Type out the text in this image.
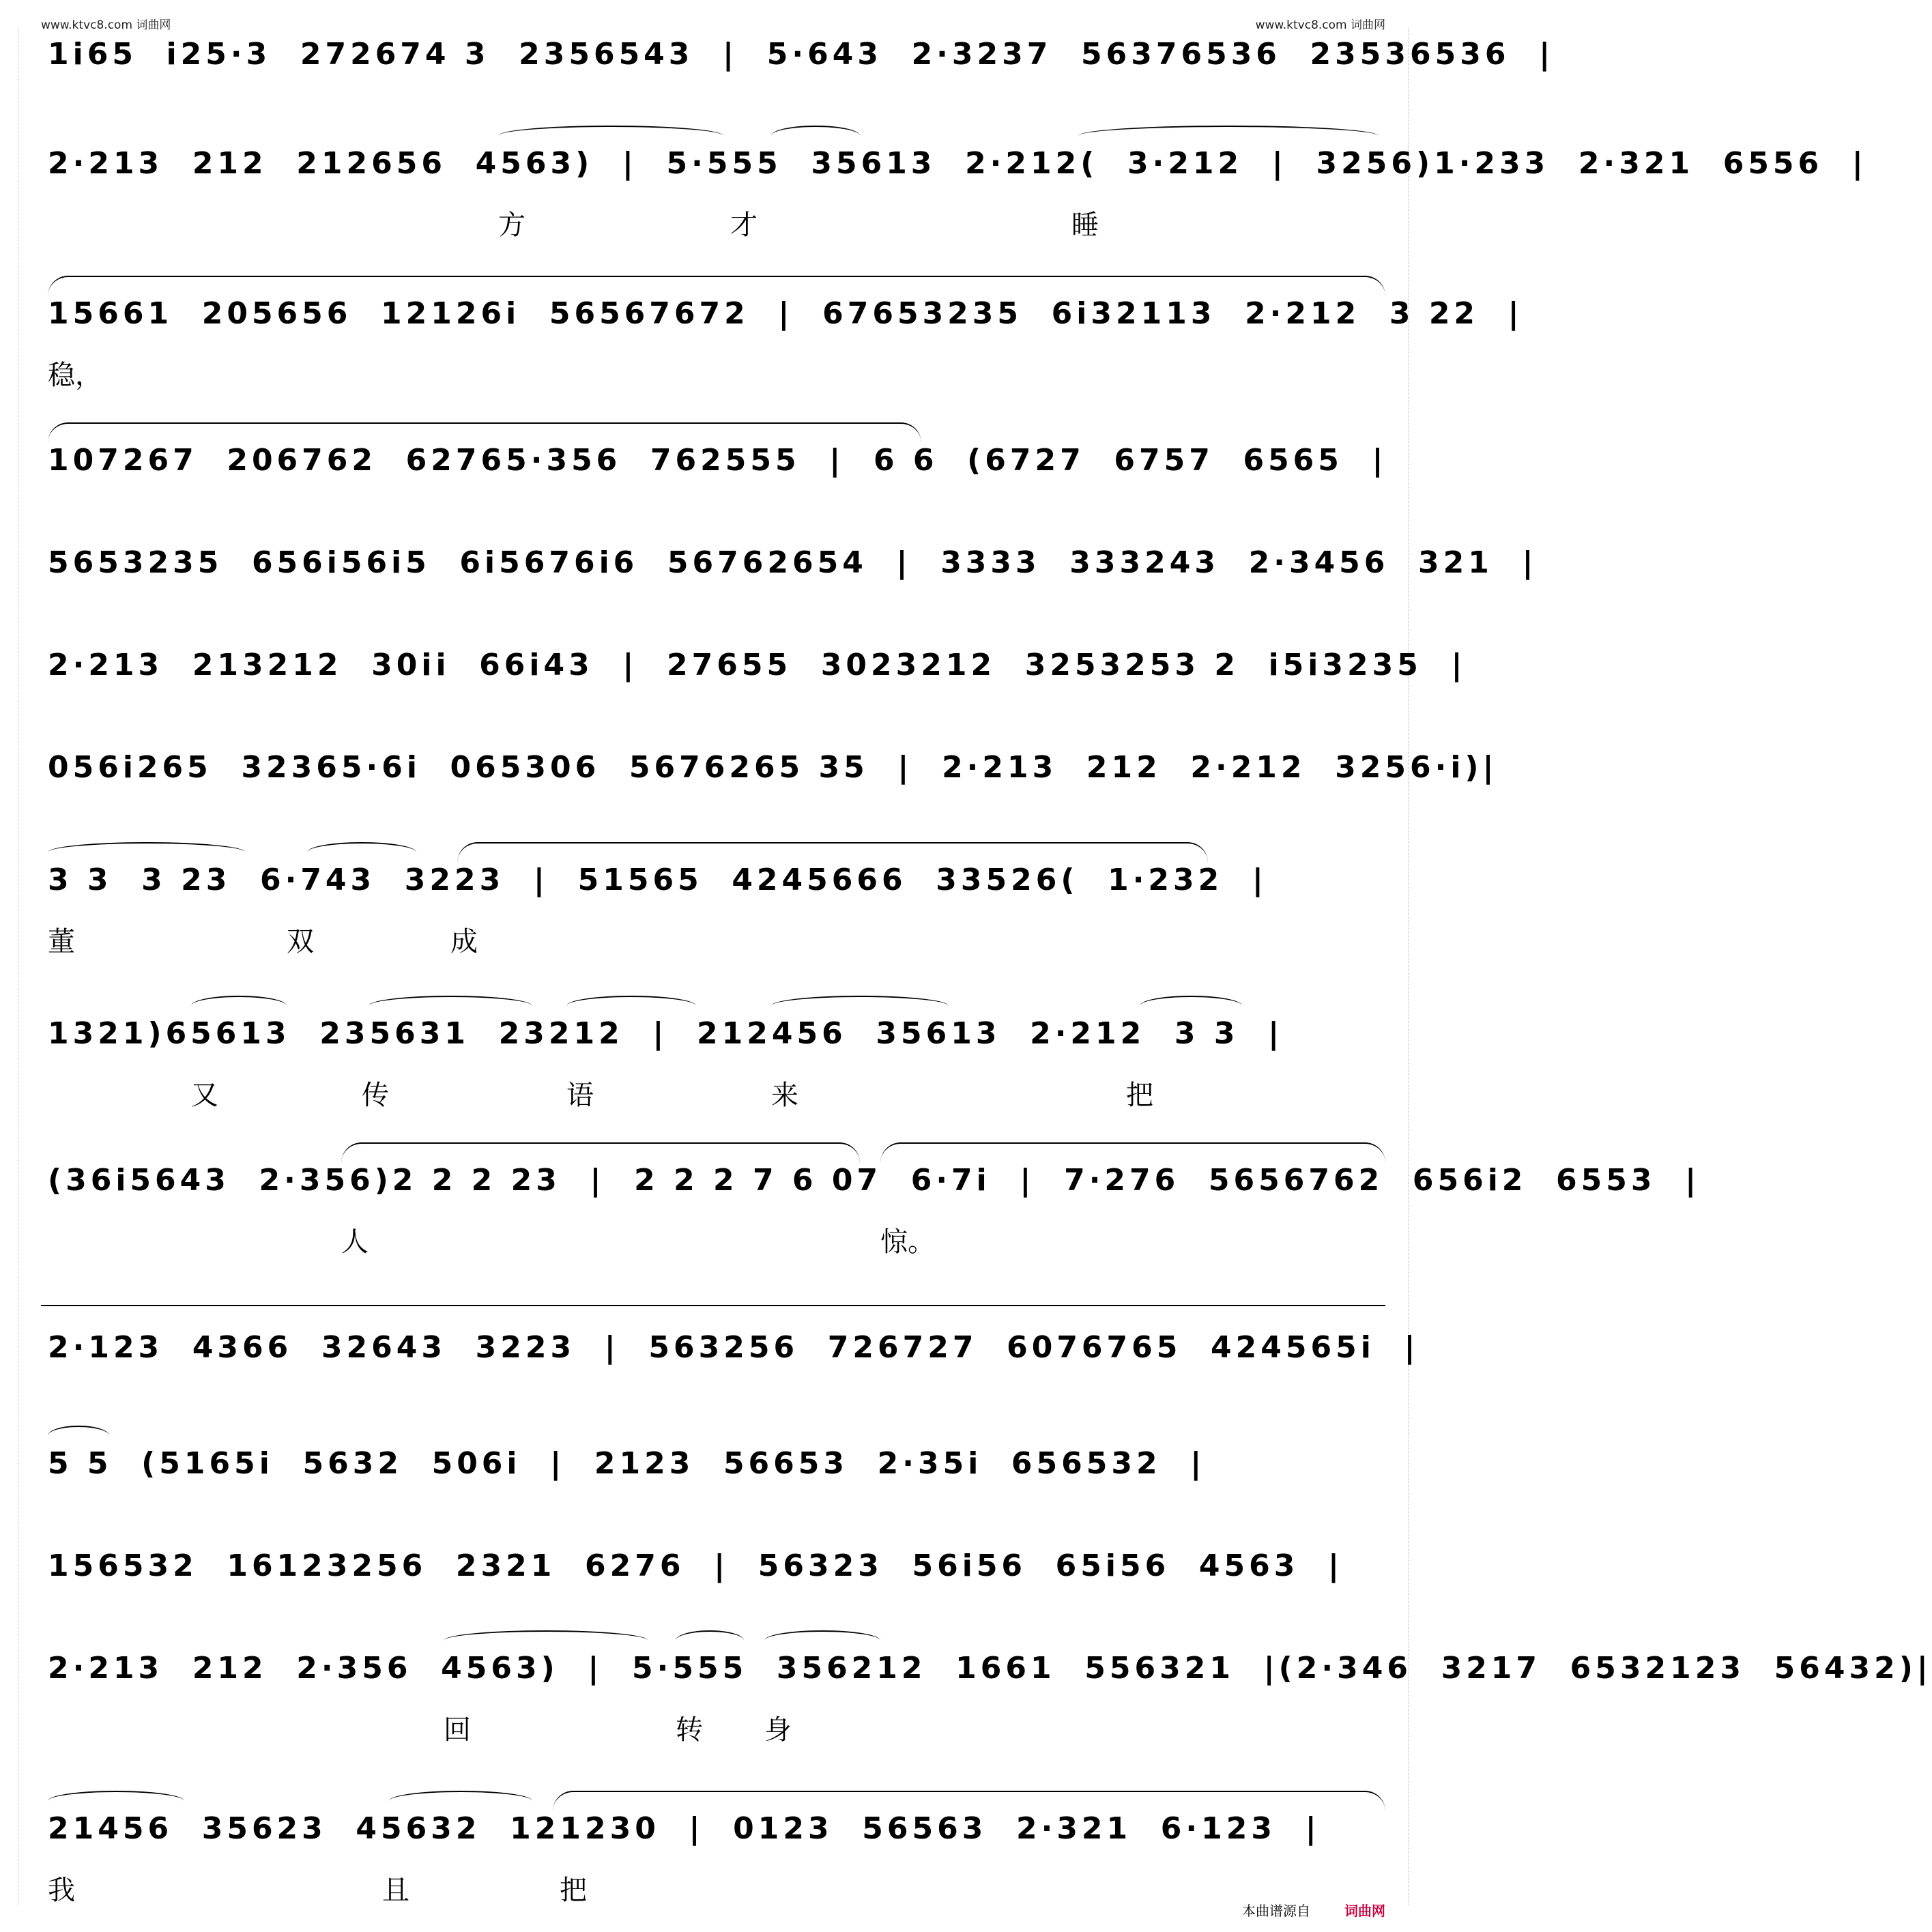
www.ktvc8.com 词曲网	www.ktvc8.com 词曲网
1i65  i25·3  272674 3  2356543  |  5·643  2·3237  56376536  23536536  |
2·213  212  212656  4563)  |  5·555  35613  2·212(  3·212  |  3256)1·233  2·321  6556  |
方	才	睡
15661  205656  12126i  56567672  |  67653235  6i32113  2·212  3 22  |
稳，
107267  206762  62765·356  762555  |  6 6  (6727  6757  6565  |
5653235  656i56i5  6i5676i6  56762654  |  3333  333243  2·3456  321  |
2·213  213212  30ii  66i43  |  27655  3023212  3253253 2  i5i3235  |
056i265  32365·6i  065306  5676265 35  |  2·213  212  2·212  3256·i)|
3 3  3 23  6·743  3223  |  51565  4245666  33526(  1·232  |
董	双	成
1321)65613  235631  23212  |  212456  35613  2·212  3 3  |
又	传	语	来	把
(36i5643  2·356)2 2 2 23  |  2 2 2 7 6 07  6·7i  |  7·276  5656762  656i2  6553  |
人	惊。
2·123  4366  32643  3223  |  563256  726727  6076765  424565i  |
5 5  (5165i  5632  506i  |  2123  56653  2·35i  656532  |
156532  16123256  2321  6276  |  56323  56i56  65i56  4563  |
2·213  212  2·356  4563)  |  5·555  356212  1661  556321  |(2·346  3217  6532123  56432)|
回	转 身
21456  35623  45632  121230  |  0123  56563  2·321  6·123  |
我	且	把
本曲谱源自	词曲网
